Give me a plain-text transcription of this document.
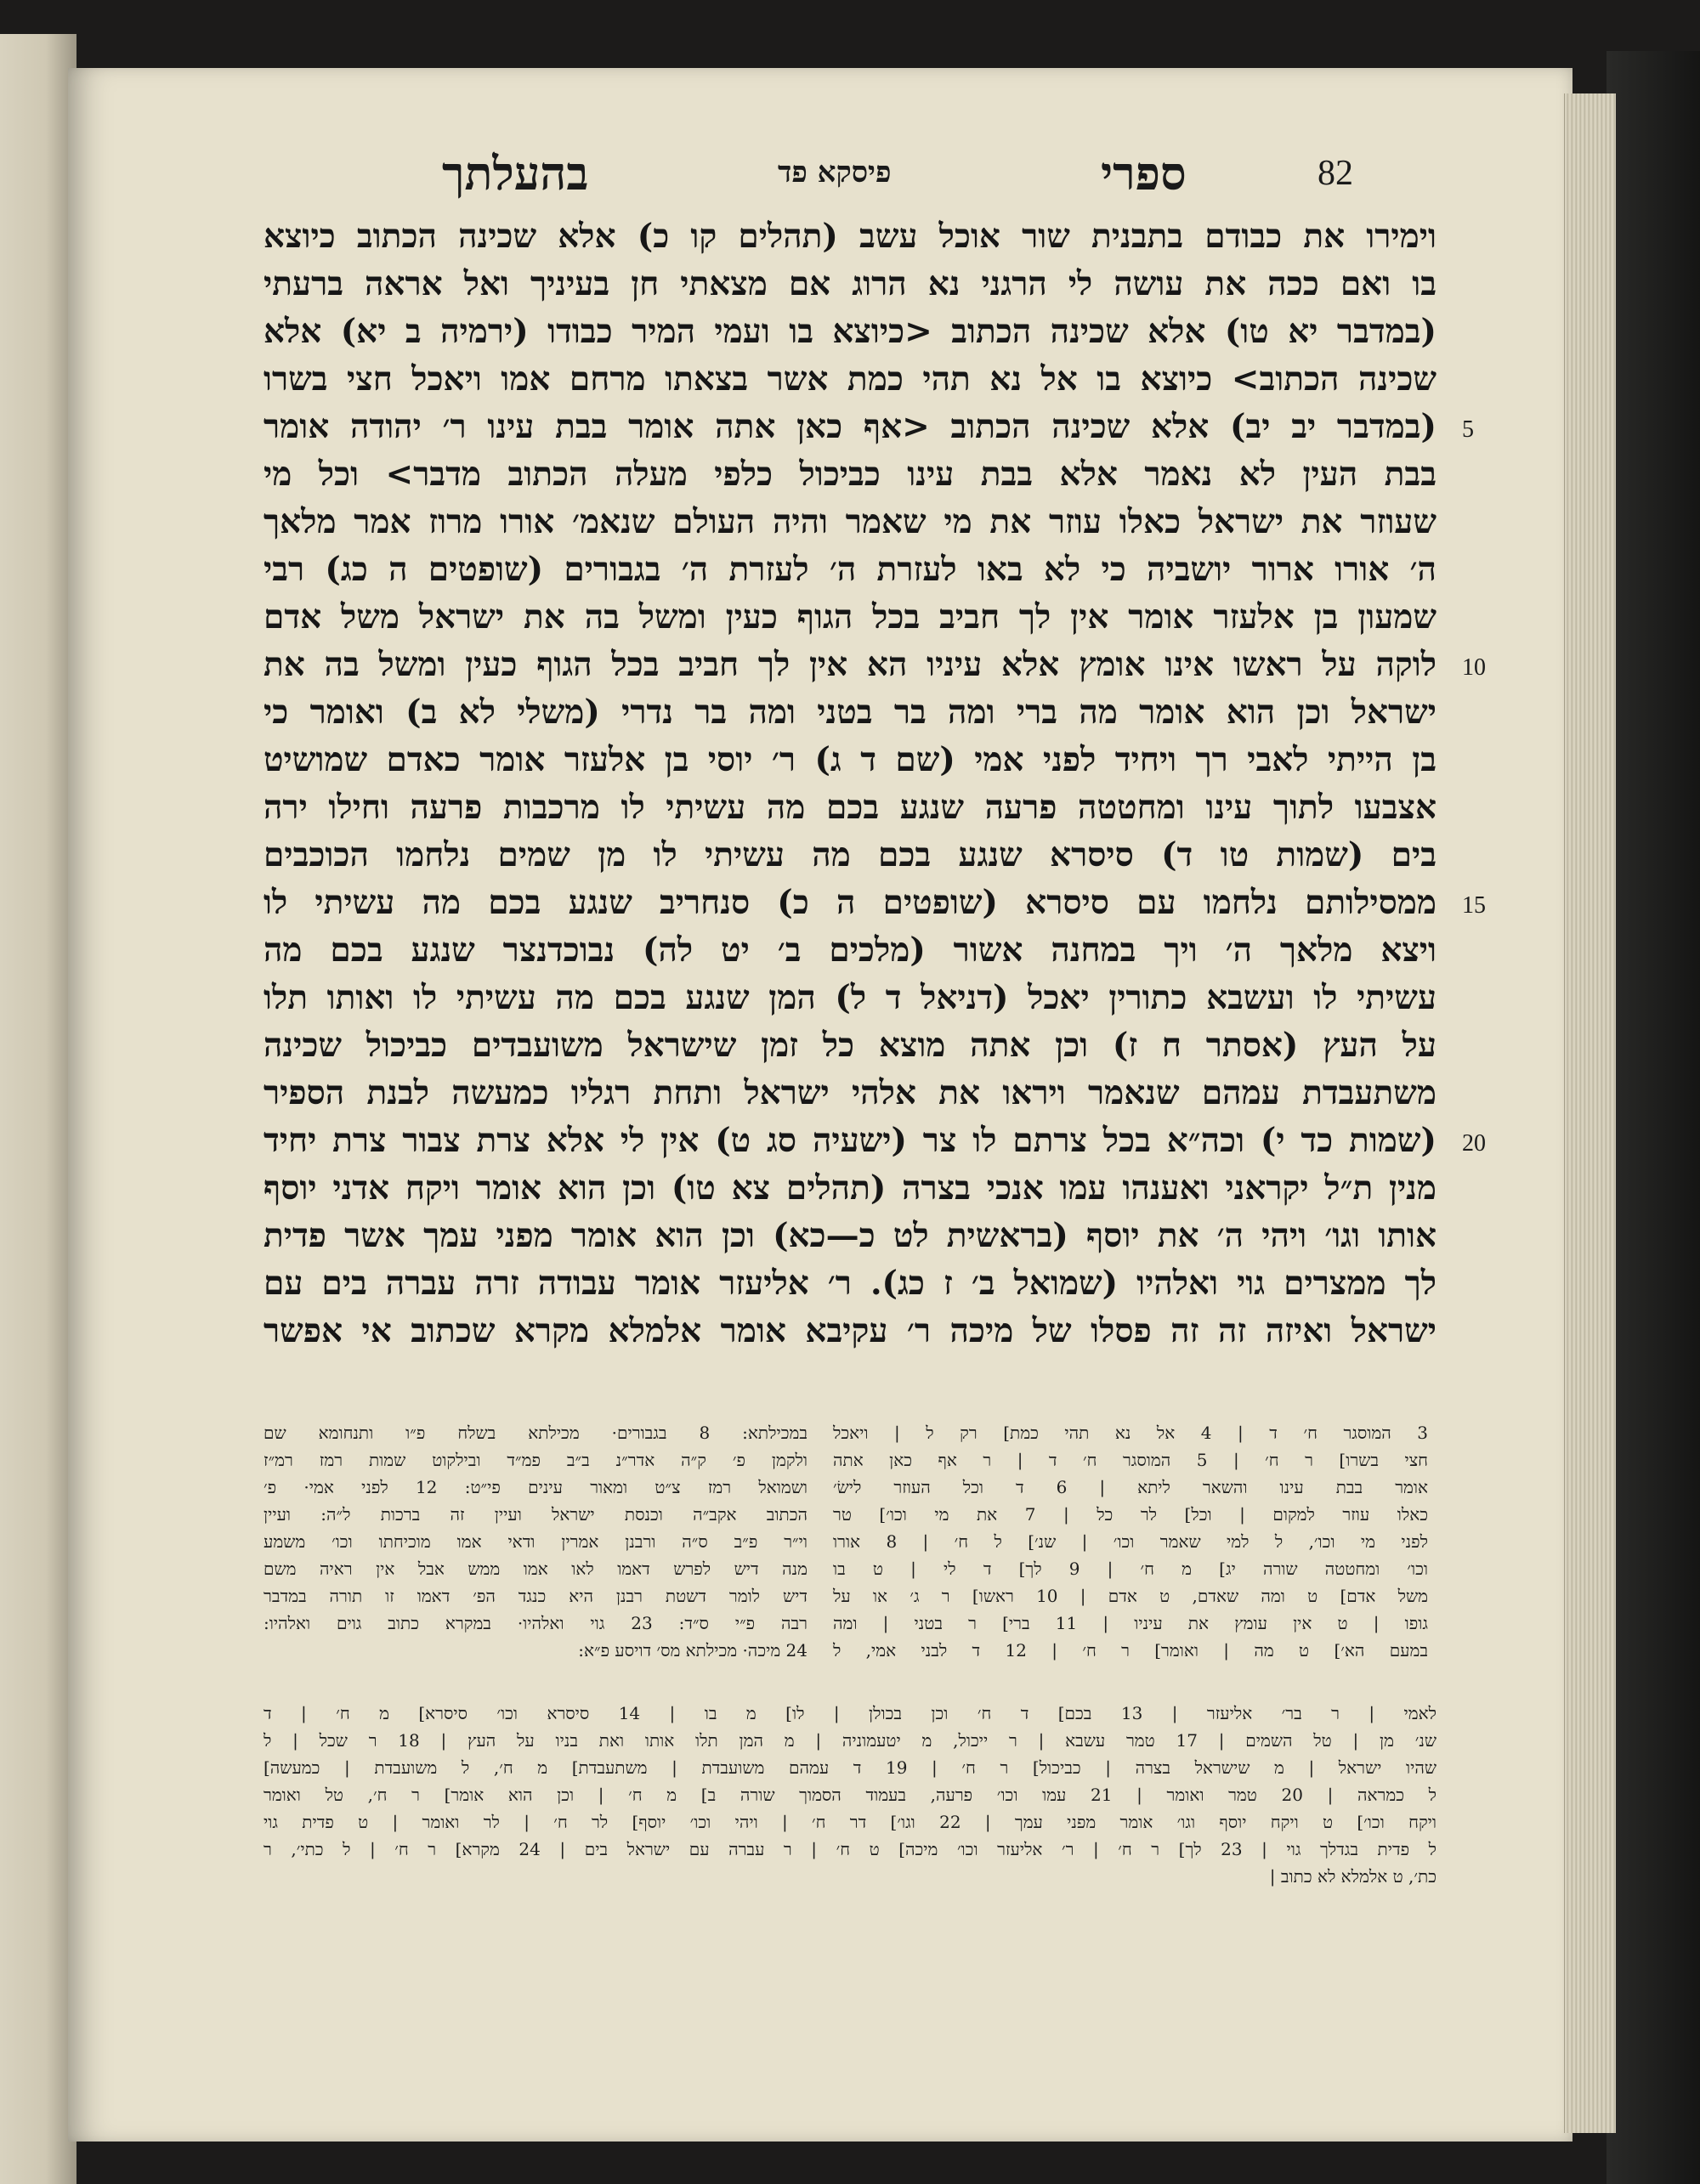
82
ספרי
פיסקא פד
בהעלתך
וימירו את כבודם בתבנית שור אוכל עשב (תהלים קו כ) אלא שכינה הכתוב כיוצא
בו ואם ככה את עושה לי הרגני נא הרוג אם מצאתי חן בעיניך ואל אראה ברעתי
(במדבר יא טו) אלא שכינה הכתוב <כיוצא בו ועמי המיר כבודו (ירמיה ב יא) אלא
שכינה הכתוב> כיוצא בו אל נא תהי כמת אשר בצאתו מרחם אמו ויאכל חצי בשרו
(במדבר יב יב) אלא שכינה הכתוב <אף כאן אתה אומר בבת עינו ר׳ יהודה אומר
בבת העין לא נאמר אלא בבת עינו כביכול כלפי מעלה הכתוב מדבר> וכל מי
שעוזר את ישראל כאלו עוזר את מי שאמר והיה העולם שנאמ׳ אורו מרוז אמר מלאך
ה׳ אורו ארור יושביה כי לא באו לעזרת ה׳ לעזרת ה׳ בגבורים (שופטים ה כג) רבי
שמעון בן אלעזר אומר אין לך חביב בכל הגוף כעין ומשל בה את ישראל משל אדם
לוקה על ראשו אינו אומץ אלא עיניו הא אין לך חביב בכל הגוף כעין ומשל בה את
ישראל וכן הוא אומר מה ברי ומה בר בטני ומה בר נדרי (משלי לא ב) ואומר כי
בן הייתי לאבי רך ויחיד לפני אמי (שם ד ג) ר׳ יוסי בן אלעזר אומר כאדם שמושיט
אצבעו לתוך עינו ומחטטה פרעה שנגע בכם מה עשיתי לו מרכבות פרעה וחילו ירה
בים (שמות טו ד) סיסרא שנגע בכם מה עשיתי לו מן שמים נלחמו הכוכבים
ממסילותם נלחמו עם סיסרא (שופטים ה כ) סנחריב שנגע בכם מה עשיתי לו
ויצא מלאך ה׳ ויך במחנה אשור (מלכים ב׳ יט לה) נבוכדנצר שנגע בכם מה
עשיתי לו ועשבא כתורין יאכל (דניאל ד ל) המן שנגע בכם מה עשיתי לו ואותו תלו
על העץ (אסתר ח ז) וכן אתה מוצא כל זמן שישראל משועבדים כביכול שכינה
משתעבדת עמהם שנאמר ויראו את אלהי ישראל ותחת רגליו כמעשה לבנת הספיר
(שמות כד י) וכה״א בכל צרתם לו צר (ישעיה סג ט) אין לי אלא צרת צבור צרת יחיד
מנין ת״ל יקראני ואענהו עמו אנכי בצרה (תהלים צא טו) וכן הוא אומר ויקח אדני יוסף
אותו וגו׳ ויהי ה׳ את יוסף (בראשית לט כ—כא) וכן הוא אומר מפני עמך אשר פדית
לך ממצרים גוי ואלהיו (שמואל ב׳ ז כג). ר׳ אליעזר אומר עבודה זרה עברה בים עם
ישראל ואיזה זה זה פסלו של מיכה ר׳ עקיבא אומר אלמלא מקרא שכתוב אי אפשר
5
10
15
20
במכילתא: 8 בגבורים· מכילתא בשלח פ״ו ותנחומא שם
ולקמן פ׳ ק״ה אדר״נ ב״ב פמ״ד ובילקוט שמות רמז רמ״ז
ושמואל רמז צ״ט ומאור עינים פי״ט: 12 לפני אמי· פ׳
הכתוב אקב״ה וכנסת ישראל ועיין זה ברכות ל״ה: ועיין
וי״ר פ״ב ס״ה ורבנן אמרין ודאי אמו מוכיחתו וכו׳ משמע
מנה דיש לפרש דאמו לאו אמו ממש אבל אין ראיה משם
דיש לומר דשטת רבנן היא כנגד הפ׳ דאמו זו תורה במדבר
רבה פ״י ס״ד: 23 גוי ואלהיו· במקרא כתוב גוים ואלהיו:
24 מיכה· מכילתא מס׳ דויסע פ״א:
3 המוסגר ח׳ ד | 4 אל נא תהי כמת] רק ל | ויאכל
חצי בשרו] ר ח׳ | 5 המוסגר ח׳ ד | ר אף כאן אתה
אומר בבת עינו והשאר ליתא | 6 ד וכל העוזר לישׂ׳
כאלו עוזר למקום | וכל] לר כל | 7 את מי וכו׳] טר
לפני מי וכו׳, ל למי שאמר וכו׳ | שנ׳] ל ח׳ | 8 אורו
וכו׳ ומחטטה שורה יג] מ ח׳ | 9 לך] ד לי | ט בו
משל אדם] ט ומה שאדם, ט אדם | 10 ראשו] ר ג׳ או על
גופו | ט אין עומץ את עיניו | 11 ברי] ר בטני | ומה
במעם הא׳] ט מה | ואומר] ר ח׳ | 12 ד לבני אמי, ל
לאמי | ר בר׳ אליעזר | 13 בכם] ד ח׳ וכן בכולן | לו] מ בו | 14 סיסרא וכו׳ סיסרא] מ ח׳ | ד
שנ׳ מן | טל השמים | 17 טמר עשבא | ר ייכול, מ יטעמוניה | מ המן תלו אותו ואת בניו על העץ | 18 ר שכל | ל
שהיו ישראל | מ שישראל בצרה | כביכול] ר ח׳ | 19 ד עמהם משועבדת | משתעבדת] מ ח׳, ל משועבדת | כמעשה]
ל כמראה | 20 טמר ואומר | 21 עמו וכו׳ פרעה, בעמוד הסמוך שורה ב] מ ח׳ | וכן הוא אומר] ר ח׳, טל ואומר
ויקח וכו׳] ט ויקח יוסף וגו׳ אומר מפני עמך | 22 וגו׳] דר ח׳ | ויהי וכו׳ יוסף] לר ח׳ | לר ואומר | ט פדית גוי
ל פדית בגדלך גוי | 23 לך] ר ח׳ | ר׳ אליעזר וכו׳ מיכה] ט ח׳ | ר עברה עם ישראל בים | 24 מקרא] ר ח׳ | ל כתי׳, ר
כת׳, ט אלמלא לא כתוב |
